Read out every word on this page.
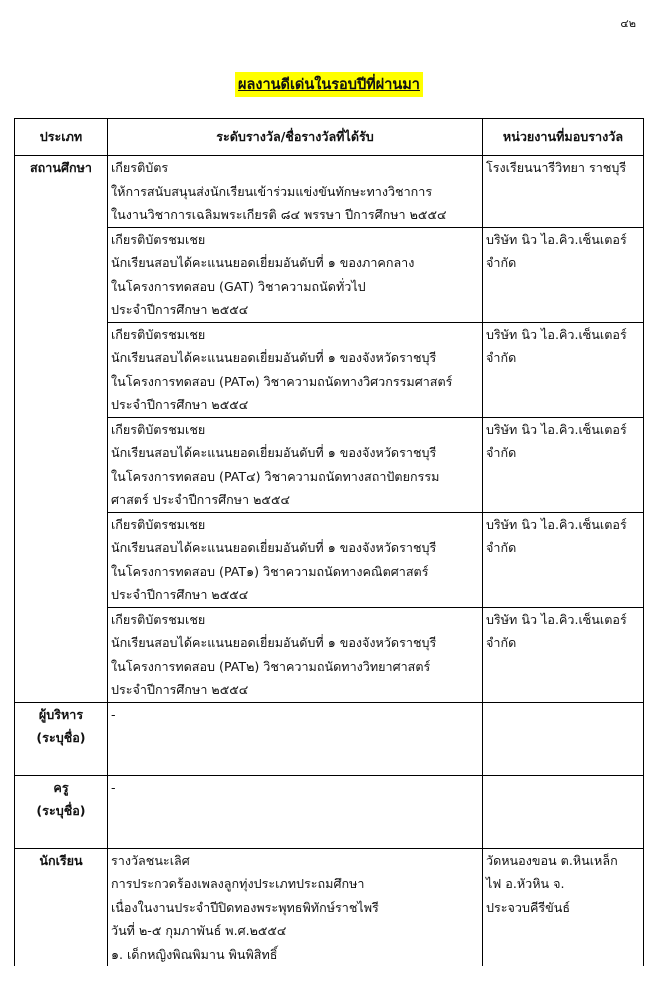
๔๒
ผลงานดีเด่นในรอบปีที่ผ่านมา
ประเภท	ระดับรางวัล/ชื่อรางวัลที่ได้รับ	หน่วยงานที่มอบรางวัล
สถานศึกษา	เกียรติบัตร
ให้การสนับสนุนส่งนักเรียนเข้าร่วมแข่งขันทักษะทางวิชาการ
ในงานวิชาการเฉลิมพระเกียรติ ๘๔ พรรษา ปีการศึกษา ๒๕๕๔	โรงเรียนนารีวิทยา ราชบุรี

	เกียรติบัตรชมเชย
นักเรียนสอบได้คะแนนยอดเยี่ยมอันดับที่ ๑ ของภาคกลาง
ในโครงการทดสอบ (GAT) วิชาความถนัดทั่วไป
ประจำปีการศึกษา ๒๕๕๔	บริษัท นิว ไอ.คิว.เซ็นเตอร์
จำกัด

	เกียรติบัตรชมเชย
นักเรียนสอบได้คะแนนยอดเยี่ยมอันดับที่ ๑ ของจังหวัดราชบุรี
ในโครงการทดสอบ (PAT๓) วิชาความถนัดทางวิศวกรรมศาสตร์
ประจำปีการศึกษา ๒๕๕๔	บริษัท นิว ไอ.คิว.เซ็นเตอร์
จำกัด

	เกียรติบัตรชมเชย
นักเรียนสอบได้คะแนนยอดเยี่ยมอันดับที่ ๑ ของจังหวัดราชบุรี
ในโครงการทดสอบ (PAT๔) วิชาความถนัดทางสถาปัตยกรรม
ศาสตร์ ประจำปีการศึกษา ๒๕๕๔	บริษัท นิว ไอ.คิว.เซ็นเตอร์
จำกัด

	เกียรติบัตรชมเชย
นักเรียนสอบได้คะแนนยอดเยี่ยมอันดับที่ ๑ ของจังหวัดราชบุรี
ในโครงการทดสอบ (PAT๑) วิชาความถนัดทางคณิตศาสตร์
ประจำปีการศึกษา ๒๕๕๔	บริษัท นิว ไอ.คิว.เซ็นเตอร์
จำกัด

	เกียรติบัตรชมเชย
นักเรียนสอบได้คะแนนยอดเยี่ยมอันดับที่ ๑ ของจังหวัดราชบุรี
ในโครงการทดสอบ (PAT๒) วิชาความถนัดทางวิทยาศาสตร์
ประจำปีการศึกษา ๒๕๕๔	บริษัท นิว ไอ.คิว.เซ็นเตอร์
จำกัด

ผู้บริหาร
(ระบุชื่อ)	-	

ครู
(ระบุชื่อ)	-	

นักเรียน	รางวัลชนะเลิศ
การประกวดร้องเพลงลูกทุ่งประเภทประถมศึกษา
เนื่องในงานประจำปีปิดทองพระพุทธพิทักษ์ราชไพรี
วันที่ ๒-๕ กุมภาพันธ์ พ.ศ.๒๕๕๔
๑. เด็กหญิงพิณพิมาน พินพิสิทธิ์	วัดหนองขอน ต.หินเหล็ก
ไฟ อ.หัวหิน จ.
ประจวบคีรีขันธ์
